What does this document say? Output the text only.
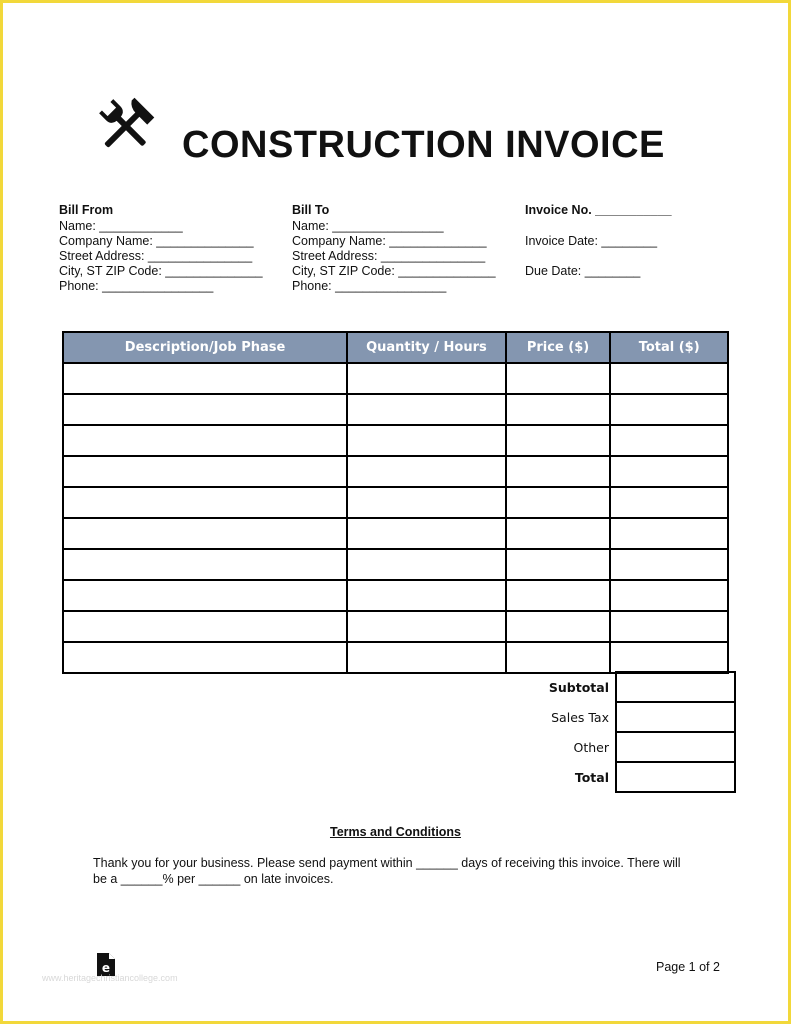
CONSTRUCTION INVOICE
Bill From
Name: ____________
Company Name: ______________
Street Address: _______________
City, ST ZIP Code: ______________
Phone: ________________
Bill To
Name: ________________
Company Name: ______________
Street Address: _______________
City, ST ZIP Code: ______________
Phone: ________________
Invoice No. ___________
Invoice Date: ________
Due Date: ________
Description/Job Phase	Quantity / Hours	Price ($)	Total ($)

Subtotal	
Sales Tax	
Other	
Total	
Terms and Conditions
Thank you for your business. Please send payment within ______ days of receiving this invoice. There will be a ______% per ______ on late invoices.
e
www.heritagechristiancollege.com
Page 1 of 2
